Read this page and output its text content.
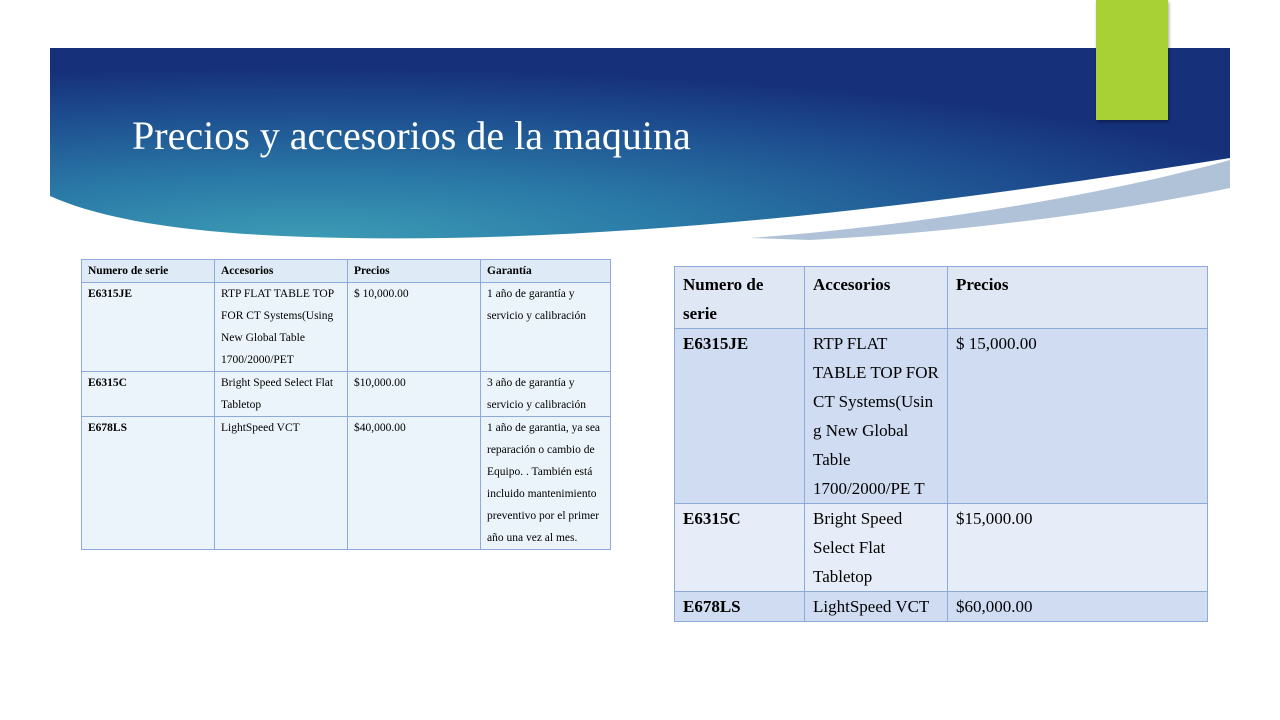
Precios y accesorios de la maquina
Numero de serie	Accesorios	Precios	Garantía
E6315JE	RTP FLAT TABLE TOP FOR CT Systems(Using New Global Table 1700/2000/PET	$ 10,000.00	1 año de garantía y servicio y calibración
E6315C	Bright Speed Select Flat Tabletop	$10,000.00	3 año de garantía y servicio y calibración
E678LS	LightSpeed VCT	$40,000.00	1 año de garantia, ya sea reparación o cambio de Equipo. . También está incluido mantenimiento preventivo por el primer año una vez al mes.
Numero de serie	Accesorios	Precios
E6315JE	RTP FLAT TABLE TOP FOR CT Systems(Usin g New Global Table 1700/2000/PE T	$ 15,000.00
E6315C	Bright Speed Select Flat Tabletop	$15,000.00
E678LS	LightSpeed VCT	$60,000.00
